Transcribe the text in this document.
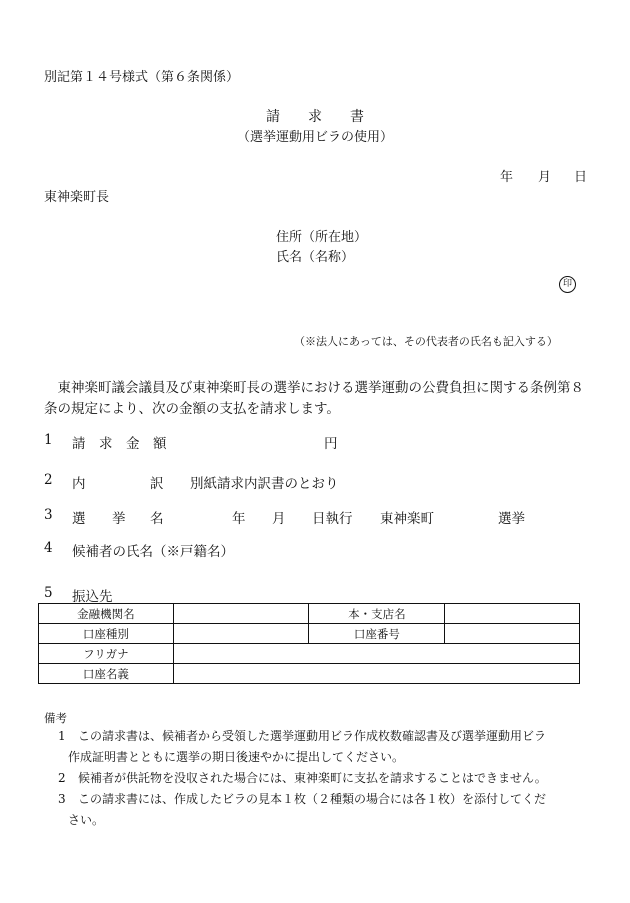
別記第１４号様式（第６条関係）
請　　求　　書
（選挙運動用ビラの使用）
年 月 日
東神楽町長
住所（所在地）
氏名（名称）
印
（※法人にあっては、その代表者の氏名も記入する）
東神楽町議会議員及び東神楽町長の選挙における選挙運動の公費負担に関する条例第８条の規定により、次の金額の支払を請求します。
1 請　求　金　額	円
2 内	訳 別紙請求内訳書のとおり
3 選 挙 名	年 月 日執行 東神楽町	選挙
4 候補者の氏名（※戸籍名）
5 振込先
金融機関名		本・支店名	
口座種別		口座番号	
フリガナ			
口座名義			
備考
1 この請求書は、候補者から受領した選挙運動用ビラ作成枚数確認書及び選挙運動用ビラ
作成証明書とともに選挙の期日後速やかに提出してください。
2 候補者が供託物を没収された場合には、東神楽町に支払を請求することはできません。
3 この請求書には、作成したビラの見本１枚（２種類の場合には各１枚）を添付してくだ
さい。
